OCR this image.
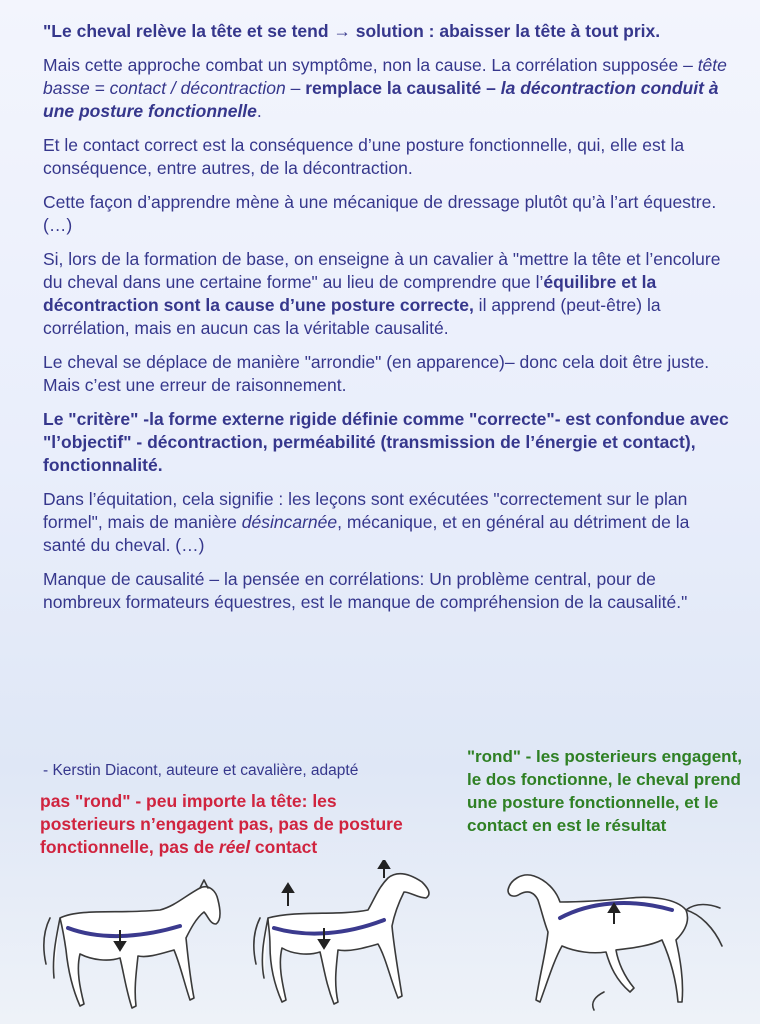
"Le cheval relève la tête et se tend → solution : abaisser la tête à tout prix.

Mais cette approche combat un symptôme, non la cause. La corrélation supposée – tête basse = contact / décontraction – remplace la causalité – la décontraction conduit à une posture fonctionnelle.

Et le contact correct est la conséquence d’une posture fonctionnelle, qui, elle est la conséquence, entre autres, de la décontraction.

Cette façon d’apprendre mène à une mécanique de dressage plutôt qu’à l’art équestre.(…)

Si, lors de la formation de base, on enseigne à un cavalier à "mettre la tête et l’encolure du cheval dans une certaine forme" au lieu de comprendre que l’équilibre et la décontraction sont la cause d’une posture correcte, il apprend (peut-être) la corrélation, mais en aucun cas la véritable causalité.

Le cheval se déplace de manière "arrondie" (en apparence)– donc cela doit être juste. Mais c’est une erreur de raisonnement.

Le "critère" -la forme externe rigide définie comme "correcte"- est confondue avec "l’objectif" - décontraction, perméabilité (transmission de l’énergie et contact), fonctionnalité.

Dans l’équitation, cela signifie : les leçons sont exécutées "correctement sur le plan formel", mais de manière désincarnée, mécanique, et en général au détriment de la santé du cheval. (…)

Manque de causalité – la pensée en corrélations: Un problème central, pour de nombreux formateurs équestres, est le manque de compréhension de la causalité."

- Kerstin Diacont, auteure et cavalière, adapté
pas "rond" - peu importe la tête: les posterieurs n’engagent pas, pas de posture fonctionnelle, pas de réel contact
"rond" - les posterieurs engagent, le dos fonctionne, le cheval prend une posture fonctionnelle, et le contact en est le résultat
